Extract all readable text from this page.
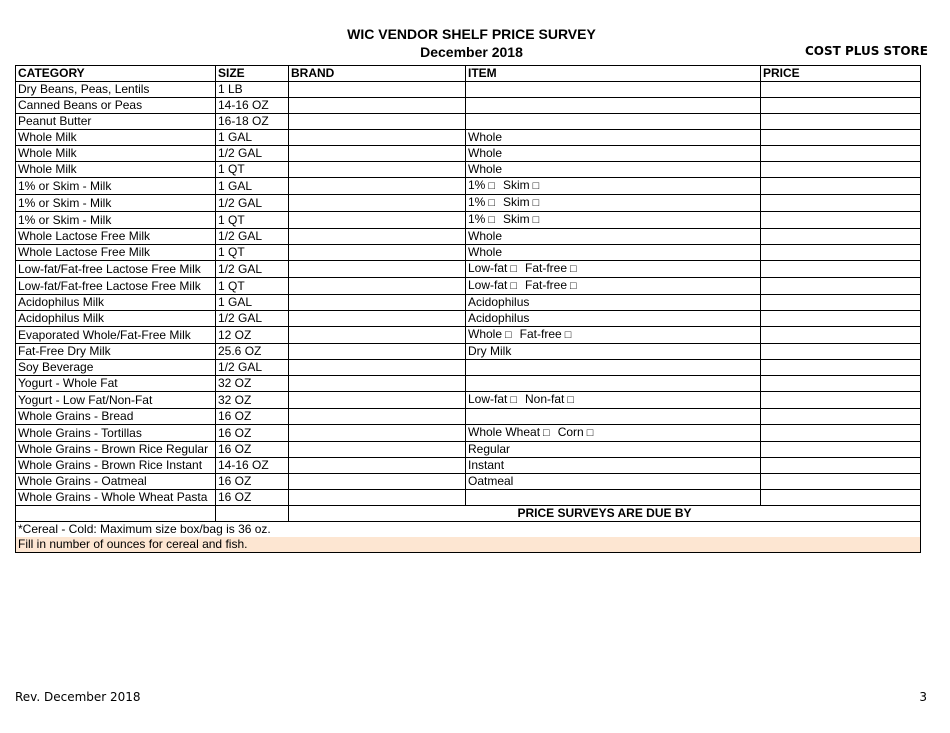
WIC VENDOR SHELF PRICE SURVEY
December 2018	COST PLUS STORE
CATEGORY	SIZE	BRAND	ITEM	PRICE
Dry Beans, Peas, Lentils	1 LB			
Canned Beans or Peas	14-16 OZ			
Peanut Butter	16-18 OZ			
Whole Milk	1 GAL		Whole	
Whole Milk	1/2 GAL		Whole	
Whole Milk	1 QT		Whole	
1% or Skim - Milk	1 GAL		1% □ Skim □	
1% or Skim - Milk	1/2 GAL		1% □ Skim □	
1% or Skim - Milk	1 QT		1% □ Skim □	
Whole Lactose Free Milk	1/2 GAL		Whole	
Whole Lactose Free Milk	1 QT		Whole	
Low-fat/Fat-free Lactose Free Milk	1/2 GAL		Low-fat □ Fat-free □	
Low-fat/Fat-free Lactose Free Milk	1 QT		Low-fat □ Fat-free □	
Acidophilus Milk	1 GAL		Acidophilus	
Acidophilus Milk	1/2 GAL		Acidophilus	
Evaporated Whole/Fat-Free Milk	12 OZ		Whole □ Fat-free □	
Fat-Free Dry Milk	25.6 OZ		Dry Milk	
Soy Beverage	1/2 GAL			
Yogurt - Whole Fat	32 OZ			
Yogurt - Low Fat/Non-Fat	32 OZ		Low-fat □ Non-fat □	
Whole Grains - Bread	16 OZ			
Whole Grains - Tortillas	16 OZ		Whole Wheat □ Corn □	
Whole Grains - Brown Rice Regular	16 OZ		Regular	
Whole Grains - Brown Rice Instant	14-16 OZ		Instant	
Whole Grains - Oatmeal	16 OZ		Oatmeal	
Whole Grains - Whole Wheat Pasta	16 OZ			
		PRICE SURVEYS ARE DUE BY		
*Cereal - Cold: Maximum size box/bag is 36 oz.				
Fill in number of ounces for cereal and fish.				
Rev. December 2018	3
